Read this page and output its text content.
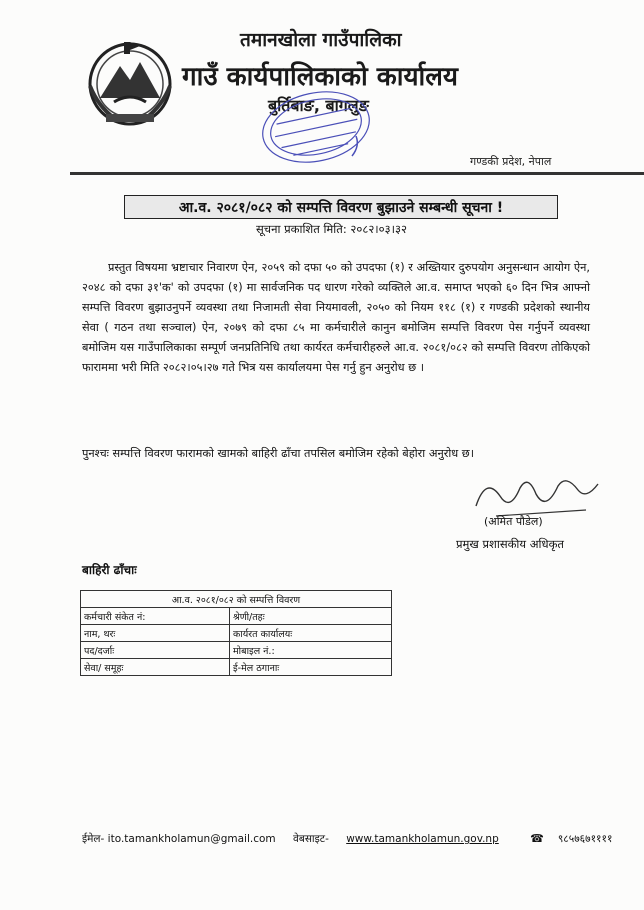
तमानखोला गाउँपालिका
गाउँ कार्यपालिकाको कार्यालय
बुर्तिबाङ, बागलुङ
गण्डकी प्रदेश, नेपाल
आ.व. २०८१/०८२ को सम्पत्ति विवरण बुझाउने सम्बन्धी सूचना !
सूचना प्रकाशित मिति: २०८२।०३।३२

प्रस्तुत विषयमा भ्रष्टाचार निवारण ऐन, २०५९ को दफा ५० को उपदफा (१) र अख्तियार दुरुपयोग अनुसन्धान आयोग ऐन, २०४८ को दफा ३१'क' को उपदफा (१) मा सार्वजनिक पद धारण गरेको व्यक्तिले आ.व. समाप्त भएको ६० दिन भित्र आफ्नो सम्पत्ति विवरण बुझाउनुपर्ने व्यवस्था तथा निजामती सेवा नियमावली, २०५० को नियम ११८ (१) र गण्डकी प्रदेशको स्थानीय सेवा ( गठन तथा सञ्चाल) ऐन, २०७९ को दफा ८५ मा कर्मचारीले कानुन बमोजिम सम्पत्ति विवरण पेस गर्नुपर्ने व्यवस्था बमोजिम यस गाउँपालिकाका सम्पूर्ण जनप्रतिनिधि तथा कार्यरत कर्मचारीहरुले आ.व. २०८१/०८२ को सम्पत्ति विवरण तोकिएको फाराममा भरी मिति २०८२।०५।२७ गते भित्र यस कार्यालयमा पेस गर्नु हुन अनुरोध छ ।

पुनश्चः सम्पत्ति विवरण फारामको खामको बाहिरी ढाँचा तपसिल बमोजिम रहेको बेहोरा अनुरोध छ।
(अमित पौडेल)
प्रमुख प्रशासकीय अधिकृत
बाहिरी ढाँचाः
आ.व. २०८१/०८२ को सम्पत्ति विवरण	
कर्मचारी संकेत नं:	श्रेणी/तहः
नाम, थरः	कार्यरत कार्यालयः
पद/दर्जाः	मोबाइल नं.:
सेवा/ समूहः	ई-मेल ठगानाः
ईमेल- ito.tamankholamun@gmail.com वेबसाइट- www.tamankholamun.gov.np	☎ ९८५७६७११११
